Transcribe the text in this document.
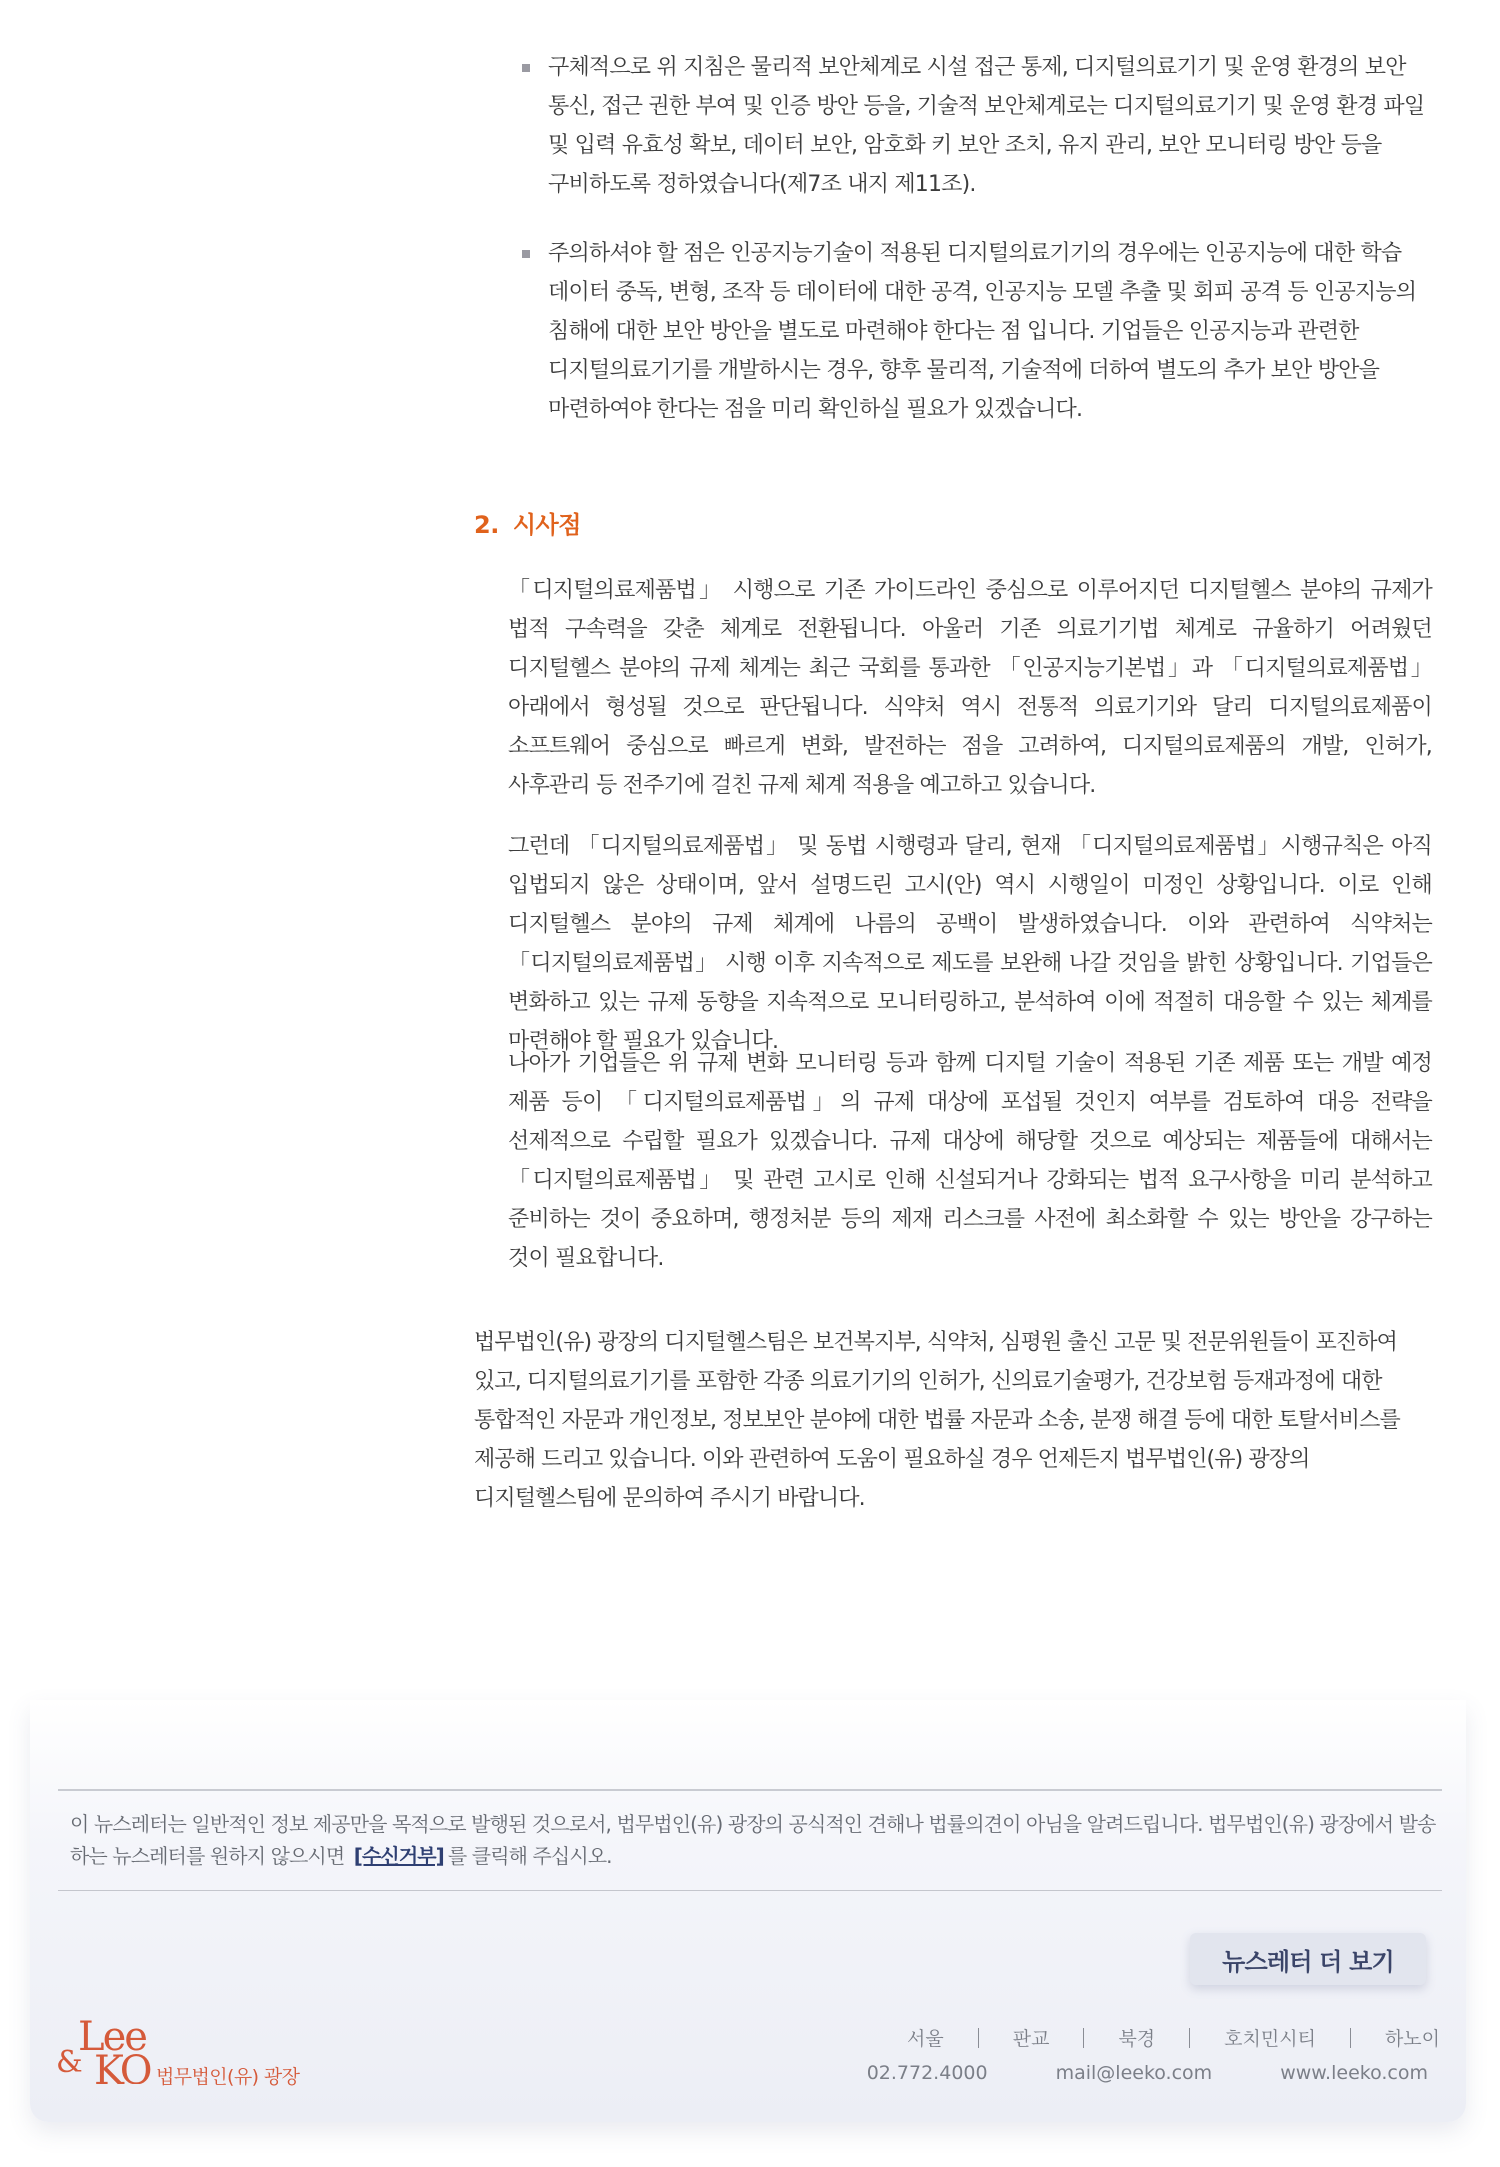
구체적으로 위 지침은 물리적 보안체계로 시설 접근 통제, 디지털의료기기 및 운영 환경의 보안 통신, 접근 권한 부여 및 인증 방안 등을, 기술적 보안체계로는 디지털의료기기 및 운영 환경 파일 및 입력 유효성 확보, 데이터 보안, 암호화 키 보안 조치, 유지 관리, 보안 모니터링 방안 등을 구비하도록 정하였습니다(제7조 내지 제11조).
주의하셔야 할 점은 인공지능기술이 적용된 디지털의료기기의 경우에는 인공지능에 대한 학습 데이터 중독, 변형, 조작 등 데이터에 대한 공격, 인공지능 모델 추출 및 회피 공격 등 인공지능의 침해에 대한 보안 방안을 별도로 마련해야 한다는 점 입니다. 기업들은 인공지능과 관련한 디지털의료기기를 개발하시는 경우, 향후 물리적, 기술적에 더하여 별도의 추가 보안 방안을 마련하여야 한다는 점을 미리 확인하실 필요가 있겠습니다.
2. 시사점
「디지털의료제품법」 시행으로 기존 가이드라인 중심으로 이루어지던 디지털헬스 분야의 규제가 법적 구속력을 갖춘 체계로 전환됩니다. 아울러 기존 의료기기법 체계로 규율하기 어려웠던 디지털헬스 분야의 규제 체계는 최근 국회를 통과한 「인공지능기본법」과 「디지털의료제품법」 아래에서 형성될 것으로 판단됩니다. 식약처 역시 전통적 의료기기와 달리 디지털의료제품이 소프트웨어 중심으로 빠르게 변화, 발전하는 점을 고려하여, 디지털의료제품의 개발, 인허가, 사후관리 등 전주기에 걸친 규제 체계 적용을 예고하고 있습니다.
그런데 「디지털의료제품법」 및 동법 시행령과 달리, 현재 「디지털의료제품법」시행규칙은 아직 입법되지 않은 상태이며, 앞서 설명드린 고시(안) 역시 시행일이 미정인 상황입니다. 이로 인해 디지털헬스 분야의 규제 체계에 나름의 공백이 발생하였습니다. 이와 관련하여 식약처는 「디지털의료제품법」 시행 이후 지속적으로 제도를 보완해 나갈 것임을 밝힌 상황입니다. 기업들은 변화하고 있는 규제 동향을 지속적으로 모니터링하고, 분석하여 이에 적절히 대응할 수 있는 체계를 마련해야 할 필요가 있습니다.
나아가 기업들은 위 규제 변화 모니터링 등과 함께 디지털 기술이 적용된 기존 제품 또는 개발 예정 제품 등이 「디지털의료제품법」의 규제 대상에 포섭될 것인지 여부를 검토하여 대응 전략을 선제적으로 수립할 필요가 있겠습니다. 규제 대상에 해당할 것으로 예상되는 제품들에 대해서는 「디지털의료제품법」 및 관련 고시로 인해 신설되거나 강화되는 법적 요구사항을 미리 분석하고 준비하는 것이 중요하며, 행정처분 등의 제재 리스크를 사전에 최소화할 수 있는 방안을 강구하는 것이 필요합니다.
법무법인(유) 광장의 디지털헬스팀은 보건복지부, 식약처, 심평원 출신 고문 및 전문위원들이 포진하여 있고, 디지털의료기기를 포함한 각종 의료기기의 인허가, 신의료기술평가, 건강보험 등재과정에 대한 통합적인 자문과 개인정보, 정보보안 분야에 대한 법률 자문과 소송, 분쟁 해결 등에 대한 토탈서비스를 제공해 드리고 있습니다. 이와 관련하여 도움이 필요하실 경우 언제든지 법무법인(유) 광장의 디지털헬스팀에 문의하여 주시기 바랍니다.
이 뉴스레터는 일반적인 정보 제공만을 목적으로 발행된 것으로서, 법무법인(유) 광장의 공식적인 견해나 법률의견이 아님을 알려드립니다. 법무법인(유) 광장에서 발송하는 뉴스레터를 원하지 않으시면 [수신거부] 를 클릭해 주십시오.
뉴스레터 더 보기
Lee
& KO 법무법인(유) 광장
서울	판교	북경	호치민시티	하노이
02.772.4000	mail@leeko.com	www.leeko.com
